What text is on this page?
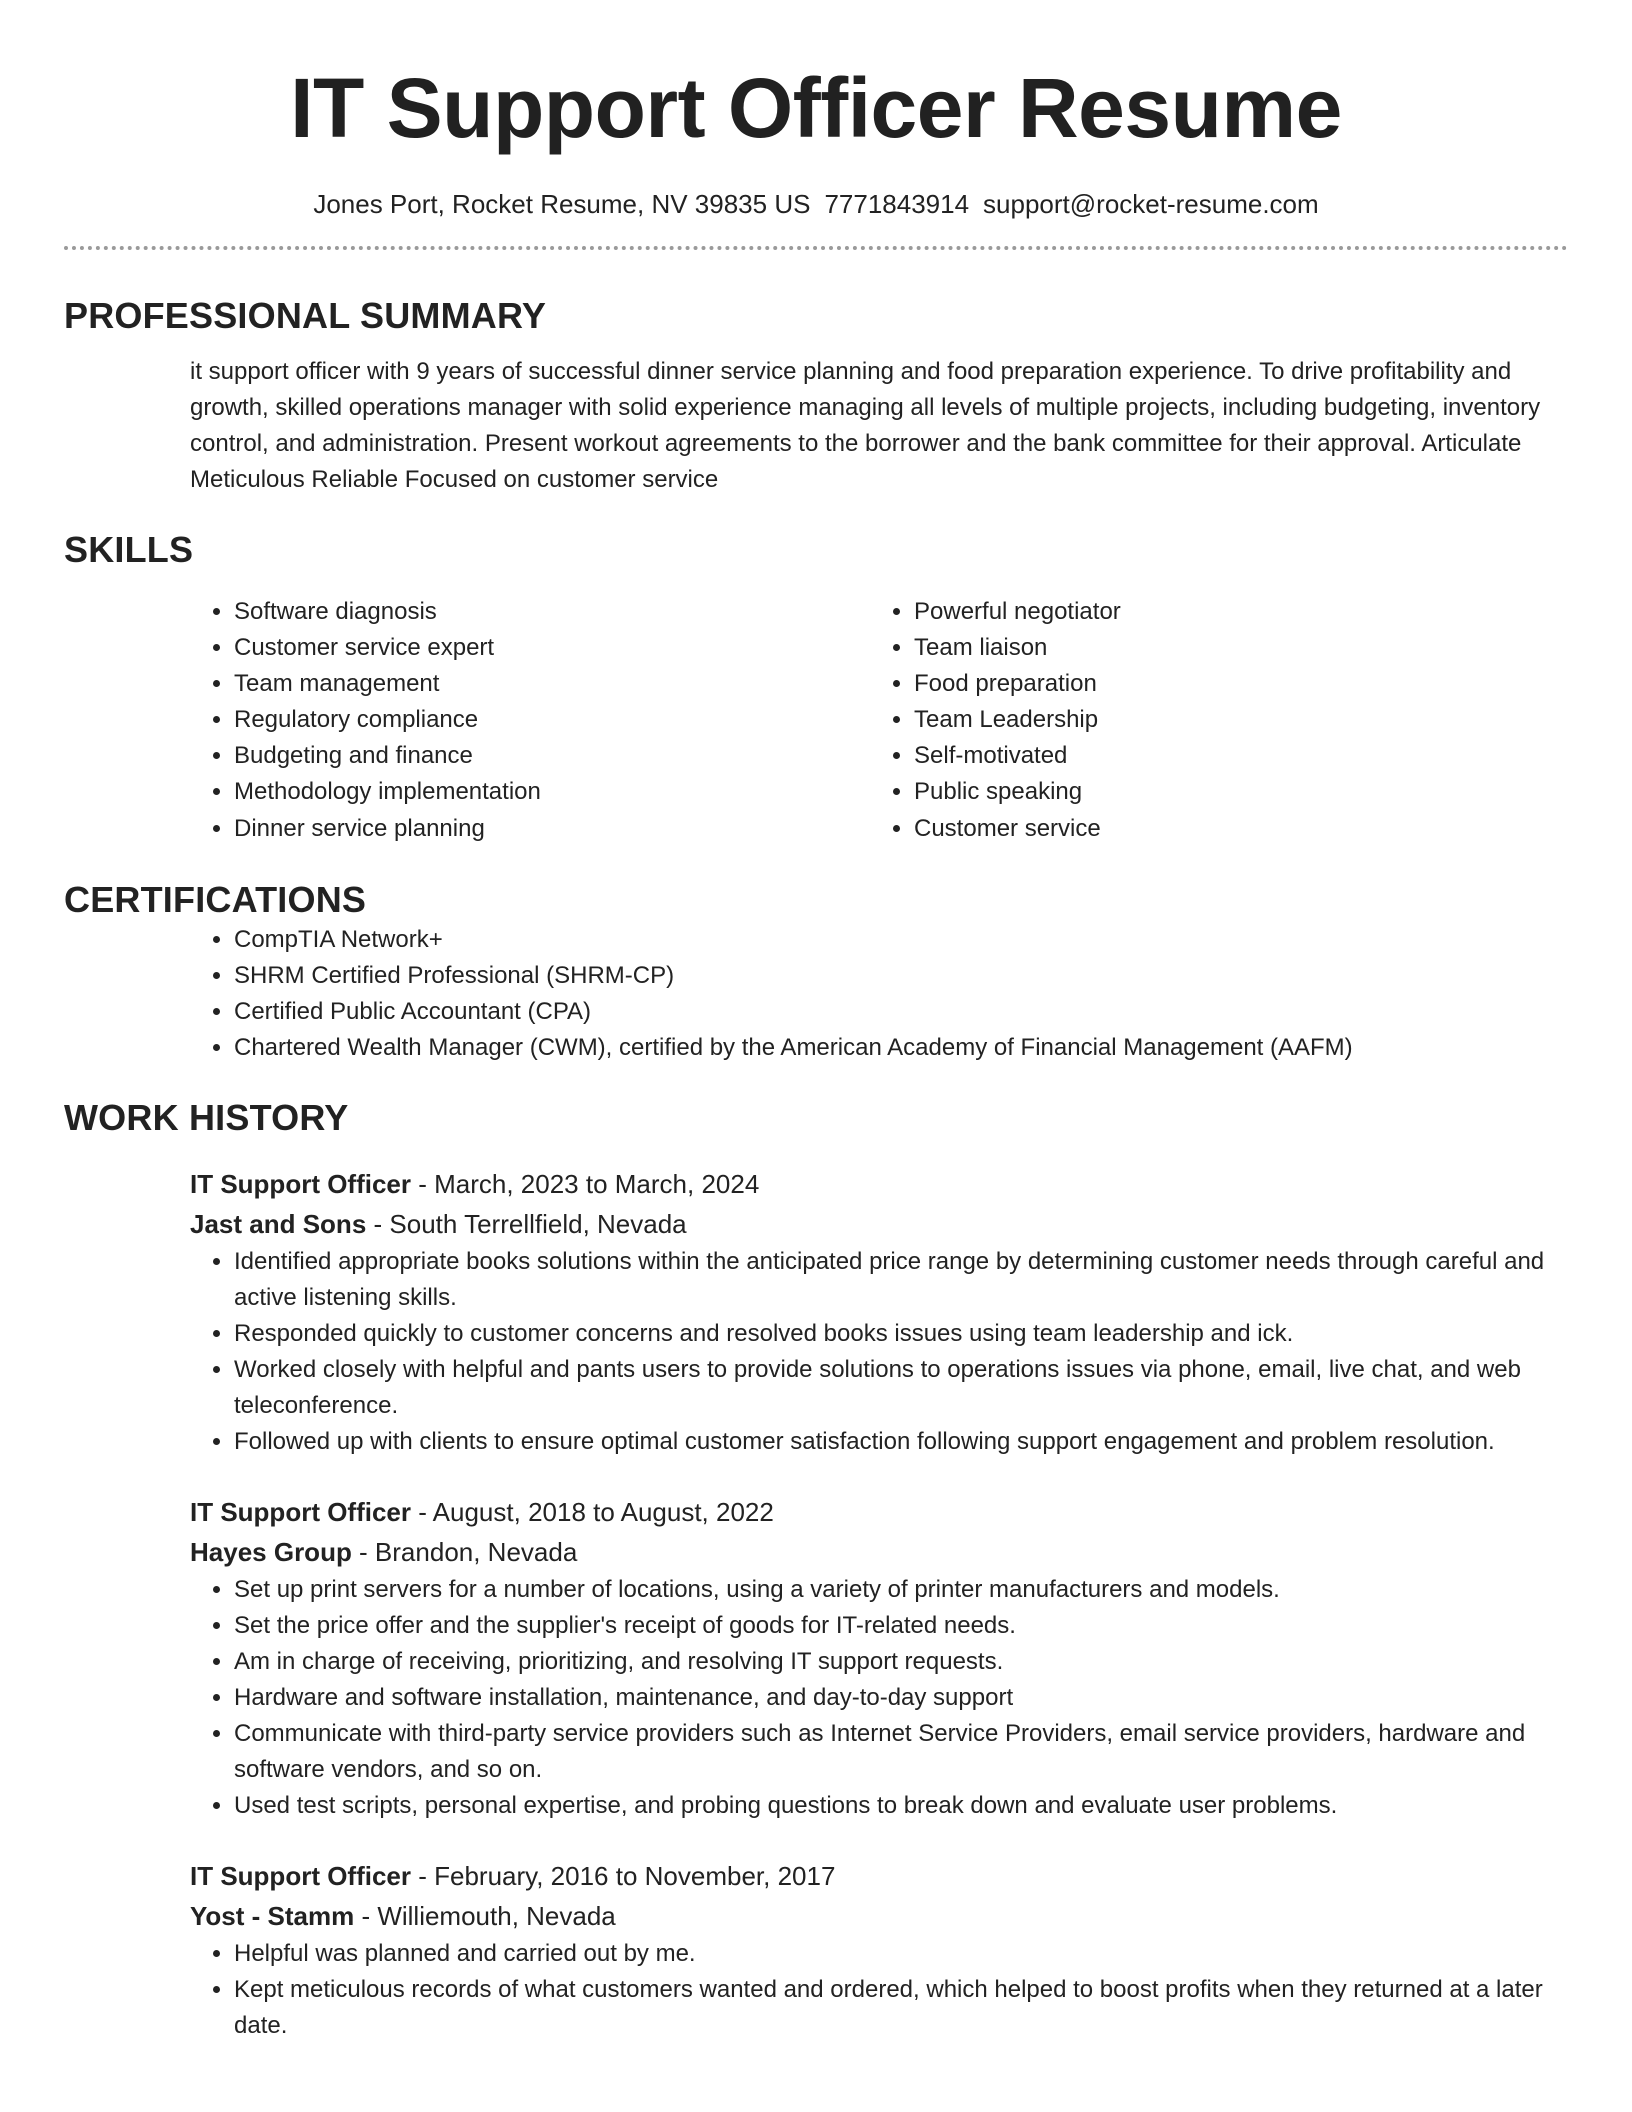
IT Support Officer Resume
Jones Port, Rocket Resume, NV 39835 US 7771843914 support@rocket-resume.com
PROFESSIONAL SUMMARY

it support officer with 9 years of successful dinner service planning and food preparation experience. To drive profitability and growth, skilled operations manager with solid experience managing all levels of multiple projects, including budgeting, inventory control, and administration. Present workout agreements to the borrower and the bank committee for their approval. Articulate Meticulous Reliable Focused on customer service

SKILLS
• Software diagnosis
• Customer service expert
• Team management
• Regulatory compliance
• Budgeting and finance
• Methodology implementation
• Dinner service planning
• Powerful negotiator
• Team liaison
• Food preparation
• Team Leadership
• Self-motivated
• Public speaking
• Customer service
CERTIFICATIONS
• CompTIA Network+
• SHRM Certified Professional (SHRM-CP)
• Certified Public Accountant (CPA)
• Chartered Wealth Manager (CWM), certified by the American Academy of Financial Management (AAFM)
WORK HISTORY
IT Support Officer - March, 2023 to March, 2024
Jast and Sons - South Terrellfield, Nevada
• Identified appropriate books solutions within the anticipated price range by determining customer needs through careful and active listening skills.
• Responded quickly to customer concerns and resolved books issues using team leadership and ick.
• Worked closely with helpful and pants users to provide solutions to operations issues via phone, email, live chat, and web teleconference.
• Followed up with clients to ensure optimal customer satisfaction following support engagement and problem resolution.
IT Support Officer - August, 2018 to August, 2022
Hayes Group - Brandon, Nevada
• Set up print servers for a number of locations, using a variety of printer manufacturers and models.
• Set the price offer and the supplier's receipt of goods for IT-related needs.
• Am in charge of receiving, prioritizing, and resolving IT support requests.
• Hardware and software installation, maintenance, and day-to-day support
• Communicate with third-party service providers such as Internet Service Providers, email service providers, hardware and software vendors, and so on.
• Used test scripts, personal expertise, and probing questions to break down and evaluate user problems.
IT Support Officer - February, 2016 to November, 2017
Yost - Stamm - Williemouth, Nevada
• Helpful was planned and carried out by me.
• Kept meticulous records of what customers wanted and ordered, which helped to boost profits when they returned at a later date.
